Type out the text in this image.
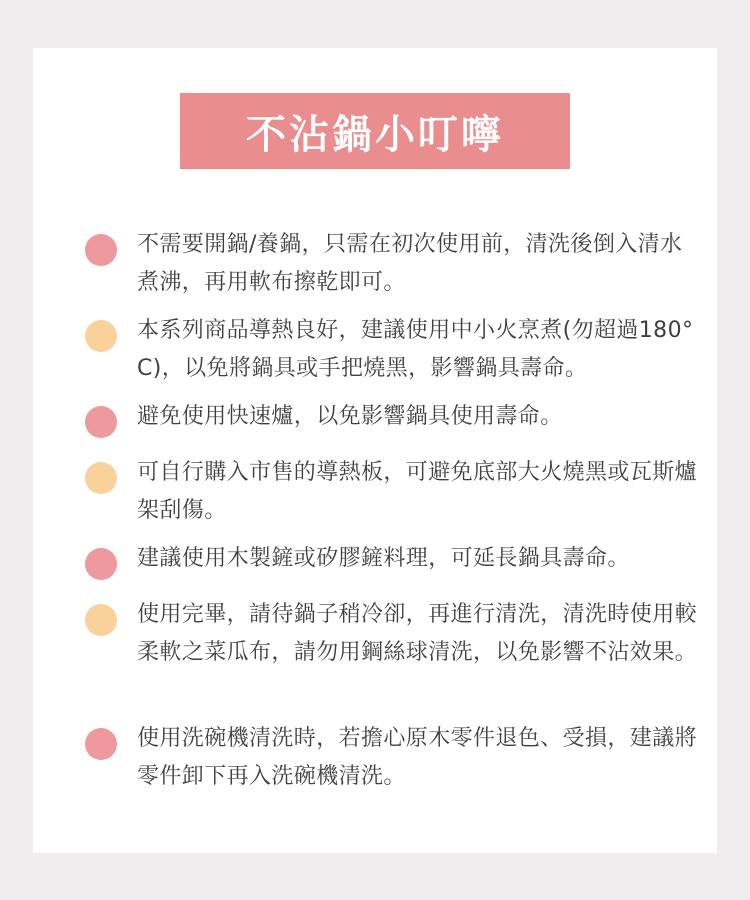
不沾鍋小叮嚀

不需要開鍋/養鍋，只需在初次使用前，清洗後倒入清水煮沸，再用軟布擦乾即可。

本系列商品導熱良好，建議使用中小火烹煮(勿超過180°C)，以免將鍋具或手把燒黑，影響鍋具壽命。

避免使用快速爐，以免影響鍋具使用壽命。

可自行購入市售的導熱板，可避免底部大火燒黑或瓦斯爐架刮傷。

建議使用木製鏟或矽膠鏟料理，可延長鍋具壽命。

使用完畢，請待鍋子稍冷卻，再進行清洗，清洗時使用較柔軟之菜瓜布，請勿用鋼絲球清洗，以免影響不沾效果。

使用洗碗機清洗時，若擔心原木零件退色、受損，建議將零件卸下再入洗碗機清洗。
